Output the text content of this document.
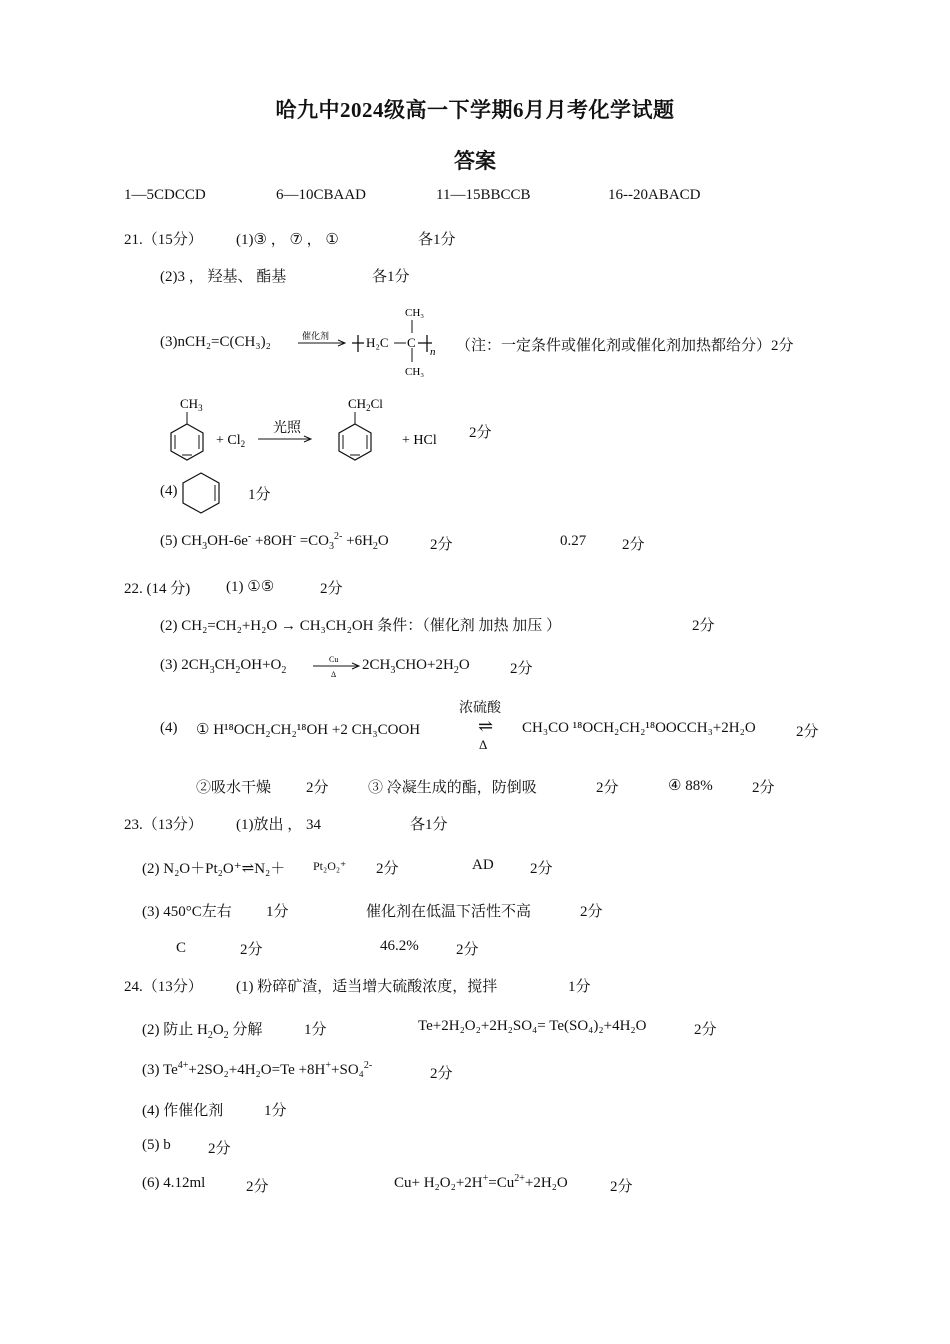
哈九中2024级高一下学期6月月考化学试题
答案
1—5CDCCD	6—10CBAAD	11—15BBCCB	16--20ABACD
21.（15分） (1)③ ， ⑦ ， ①	各1分
(2)3 ， 羟基、 酯基	各1分
(3)nCH₂=C(CH₃)₂	催化剂	H₂C C
CH₃
CH₃
n （注：一定条件或催化剂或催化剂加热都给分）2分
$CH_3$
+ $Cl_2$
光照
$CH_2Cl$
+ HCl 2分
(4)	1分
(5) $CH_3OH-6e^- +8OH^- =CO_3^{2-} +6H_2O$	2分	0.27 2分
22. (14 分) (1) ①⑤	2分
(2) CH₂=CH₂+H₂O → CH₃CH₂OH 条件：（催化剂 加热 加压 ）	2分
(3) $2CH_3CH_2OH+O_2$
Cu
Δ
$2CH_3CHO+2H_2O$	2分
(4) ① H¹⁸OCH₂CH₂¹⁸OH +2 CH₃COOH
浓硫酸
⇌
Δ
CH₃CO ¹⁸OCH₂CH₂¹⁸OOCCH₃+2H₂O	2分
②吸水干燥 2分	③ 冷凝生成的酯，防倒吸	2分	④ 88%	2分
23.（13分） (1)放出 ， 34	各1分
(2) N₂O＋Pt₂O⁺⇌N₂＋ Pt₂O₂⁺ 2分	AD 2分
(3) 450°C左右 1分	催化剂在低温下活性不高	2分
C	2分	46.2% 2分
24.（13分） (1) 粉碎矿渣，适当增大硫酸浓度，搅拌	1分
(2) 防止 $H_2O_2$ 分解	1分	Te+2H₂O₂+2H₂SO₄= Te(SO₄)₂+4H₂O	2分
(3) $Te^{4+}+2SO_2+4H_2O=Te +8H^++SO_4^{2-}$
2分
(4) 作催化剂	1分
(5) b 2分
(6) 4.12ml	2分	$Cu+ H_2O_2+2H^+=Cu^{2+}+2H_2O$	2分
